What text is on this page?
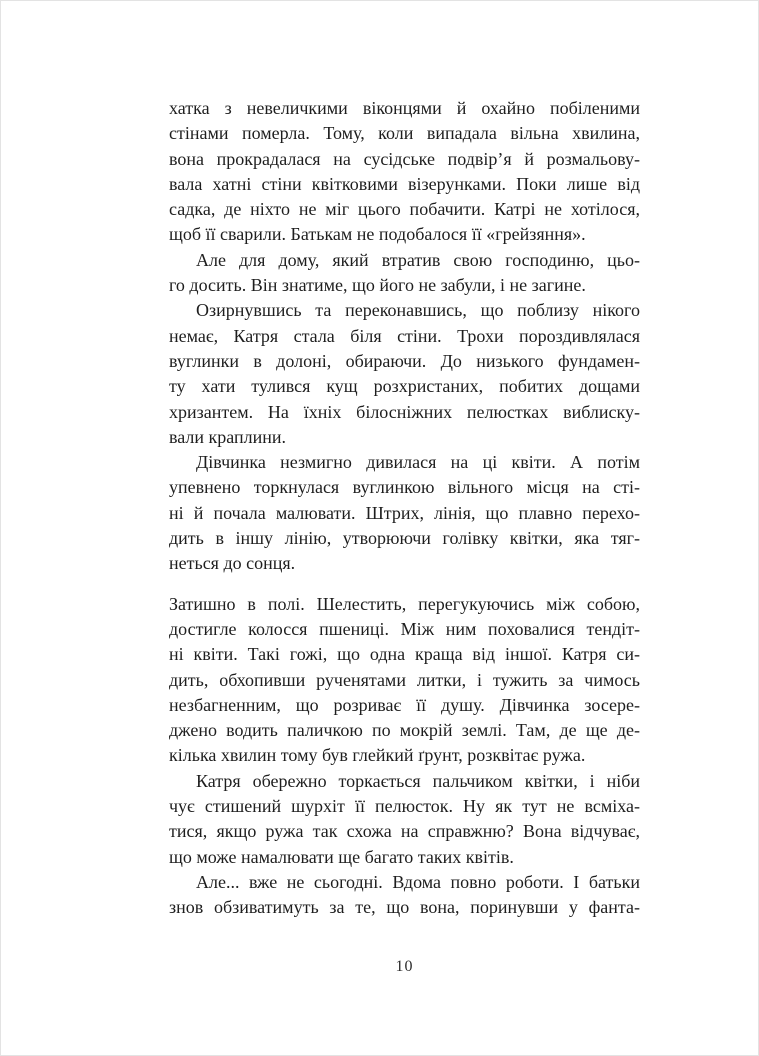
хатка з невеличкими віконцями й охайно побіленими
стінами померла. Тому, коли випадала вільна хвилина,
вона прокрадалася на сусідське подвір’я й розмальову-
вала хатні стіни квітковими візерунками. Поки лише від
садка, де ніхто не міг цього побачити. Катрі не хотілося,
щоб її сварили. Батькам не подобалося її «грейзяння».
Але для дому, який втратив свою господиню, цьо-
го досить. Він знатиме, що його не забули, і не загине.
Озирнувшись та переконавшись, що поблизу нікого
немає, Катря стала біля стіни. Трохи пороздивлялася
вуглинки в долоні, обираючи. До низького фундамен-
ту хати тулився кущ розхристаних, побитих дощами
хризантем. На їхніх білосніжних пелюстках виблиску-
вали краплини.
Дівчинка незмигно дивилася на ці квіти. А потім
упевнено торкнулася вуглинкою вільного місця на сті-
ні й почала малювати. Штрих, лінія, що плавно перехо-
дить в іншу лінію, утворюючи голівку квітки, яка тяг-
неться до сонця.
Затишно в полі. Шелестить, перегукуючись між собою,
достигле колосся пшениці. Між ним поховалися тендіт-
ні квіти. Такі гожі, що одна краща від іншої. Катря си-
дить, обхопивши рученятами литки, і тужить за чимось
незбагненним, що розриває її душу. Дівчинка зосере-
джено водить паличкою по мокрій землі. Там, де ще де-
кілька хвилин тому був глейкий ґрунт, розквітає ружа.
Катря обережно торкається пальчиком квітки, і ніби
чує стишений шурхіт її пелюсток. Ну як тут не всміха-
тися, якщо ружа так схожа на справжню? Вона відчуває,
що може намалювати ще багато таких квітів.
Але... вже не сьогодні. Вдома повно роботи. І батьки
знов обзиватимуть за те, що вона, поринувши у фанта-
10
